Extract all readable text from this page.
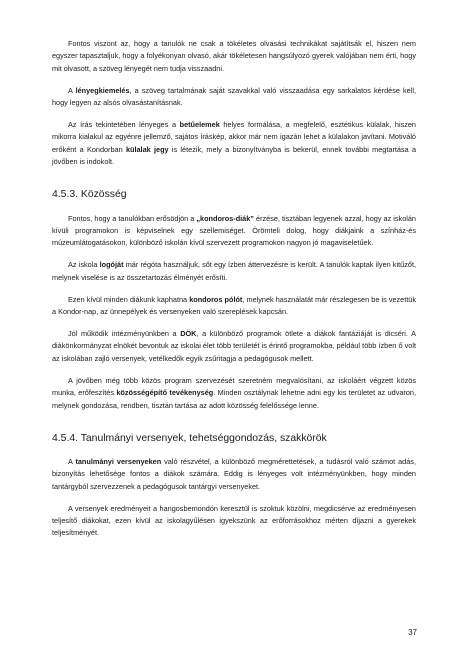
Fontos viszont az, hogy a tanulók ne csak a tökéletes olvasási technikákat sajátítsák el, hiszen nem egyszer tapasztaljuk, hogy a folyékonyan olvasó, akár tökéletesen hangsúlyozó gyerek valójában nem érti, hogy mit olvasott, a szöveg lényegét nem tudja visszaadni.

A lényegkiemelés, a szöveg tartalmának saját szavakkal való visszaadása egy sarkalatos kérdése kell, hogy legyen az alsós olvasástanításnak.

Az írás tekintetében lényeges a betűelemek helyes formálása, a megfelelő, esztétikus külalak, hiszen mikorra kialakul az egyénre jellemző, sajátos íráskép, akkor már nem igazán lehet a külalakon javítani. Motiváló erőként a Kondorban külalak jegy is létezik, mely a bizonyítványba is bekerül, ennek további megtartása a jövőben is indokolt.

4.5.3. Közösség

Fontos, hogy a tanulókban erősödjön a „kondoros-diák” érzése, tisztában legyenek azzal, hogy az iskolán kívüli programokon is képviselnek egy szellemiséget. Örömteli dolog, hogy diákjaink a színház-és múzeumlátogatásokon, különböző iskolán kívül szervezett programokon nagyon jó magaviseletűek.

Az iskola logóját már régóta használjuk, sőt egy ízben áttervezésre is került. A tanulók kaptak ilyen kitűzőt, melynek viselése is az összetartozás élményét erősíti.

Ezen kívül minden diákunk kaphatna kondoros pólót, melynek használatát már részlegesen be is vezettük a Kondor-nap, az ünnepélyek és versenyeken való szereplések kapcsán.

Jól működik intézményünkben a DÖK, a különböző programok ötlete a diákok fantáziáját is dicséri. A diákönkormányzat elnökét bevontuk az iskolai élet több területét is érintő programokba, például több ízben ő volt az iskolában zajló versenyek, vetélkedők egyik zsűritagja a pedagógusok mellett.

A jövőben még több közös program szervezését szeretném megvalósítani, az iskoláért végzett közös munka, erőfeszítés közösségépítő tevékenység. Minden osztálynak lehetne adni egy kis területet az udvaron, melynek gondozása, rendben, tisztán tartása az adott közösség felelőssége lenne.

4.5.4. Tanulmányi versenyek, tehetséggondozás, szakkörök

A tanulmányi versenyeken való részvétel, a különböző megmérettetések, a tudásról való számot adás, bizonyítás lehetősége fontos a diákok számára. Eddig is lényeges volt intézményünkben, hogy minden tantárgyból szervezzenek a pedagógusok tantárgyi versenyeket.

A versenyek eredményeit a hangosbemondón keresztül is szoktuk közölni, megdicsérve az eredményesen teljesítő diákokat, ezen kívül az iskolagyűlésen igyekszünk az erőforrásokhoz mérten díjazni a gyerekek teljesítményét.

37
